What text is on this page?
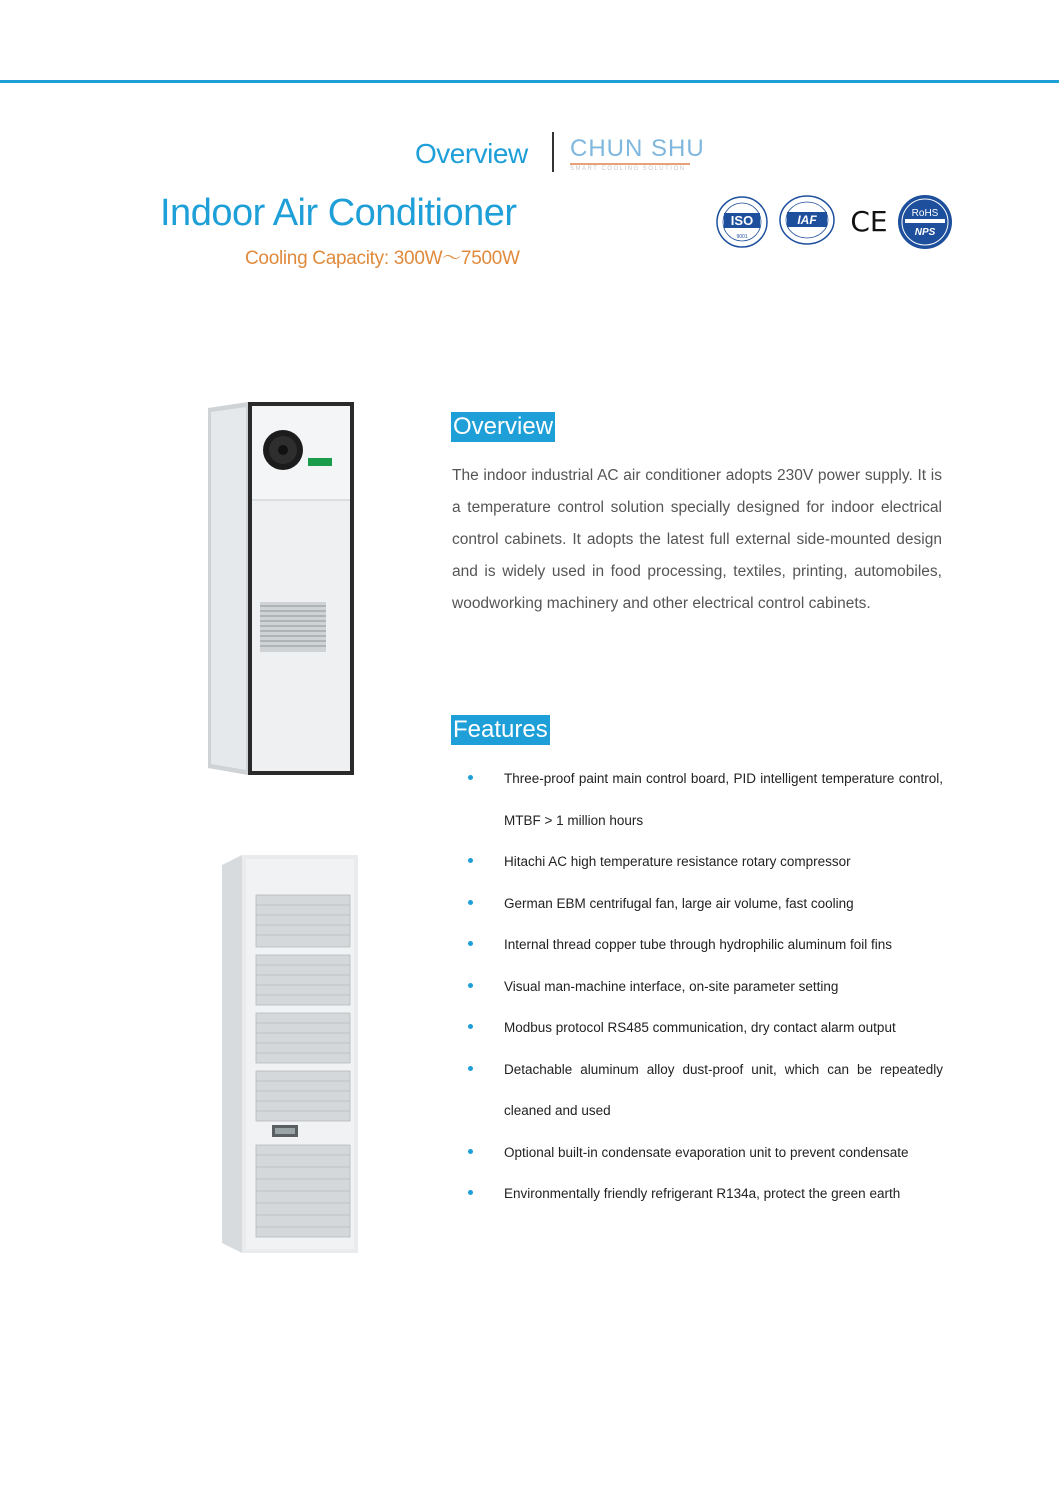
Overview CHUN SHU
SMART COOLING SOLUTION
Indoor Air Conditioner
Cooling Capacity: 300W～7500W
ISO
9001
IAF CE RoHS
NPS
Overview
The indoor industrial AC air conditioner adopts 230V power supply. It is a temperature control solution specially designed for indoor electrical control cabinets. It adopts the latest full external side-mounted design and is widely used in food processing, textiles, printing, automobiles, woodworking machinery and other electrical control cabinets.
Features
Three-proof paint main control board, PID intelligent temperature control, MTBF > 1 million hours
Hitachi AC high temperature resistance rotary compressor
German EBM centrifugal fan, large air volume, fast cooling
Internal thread copper tube through hydrophilic aluminum foil fins
Visual man-machine interface, on-site parameter setting
Modbus protocol RS485 communication, dry contact alarm output
Detachable aluminum alloy dust-proof unit, which can be repeatedly cleaned and used
Optional built-in condensate evaporation unit to prevent condensate
Environmentally friendly refrigerant R134a, protect the green earth
